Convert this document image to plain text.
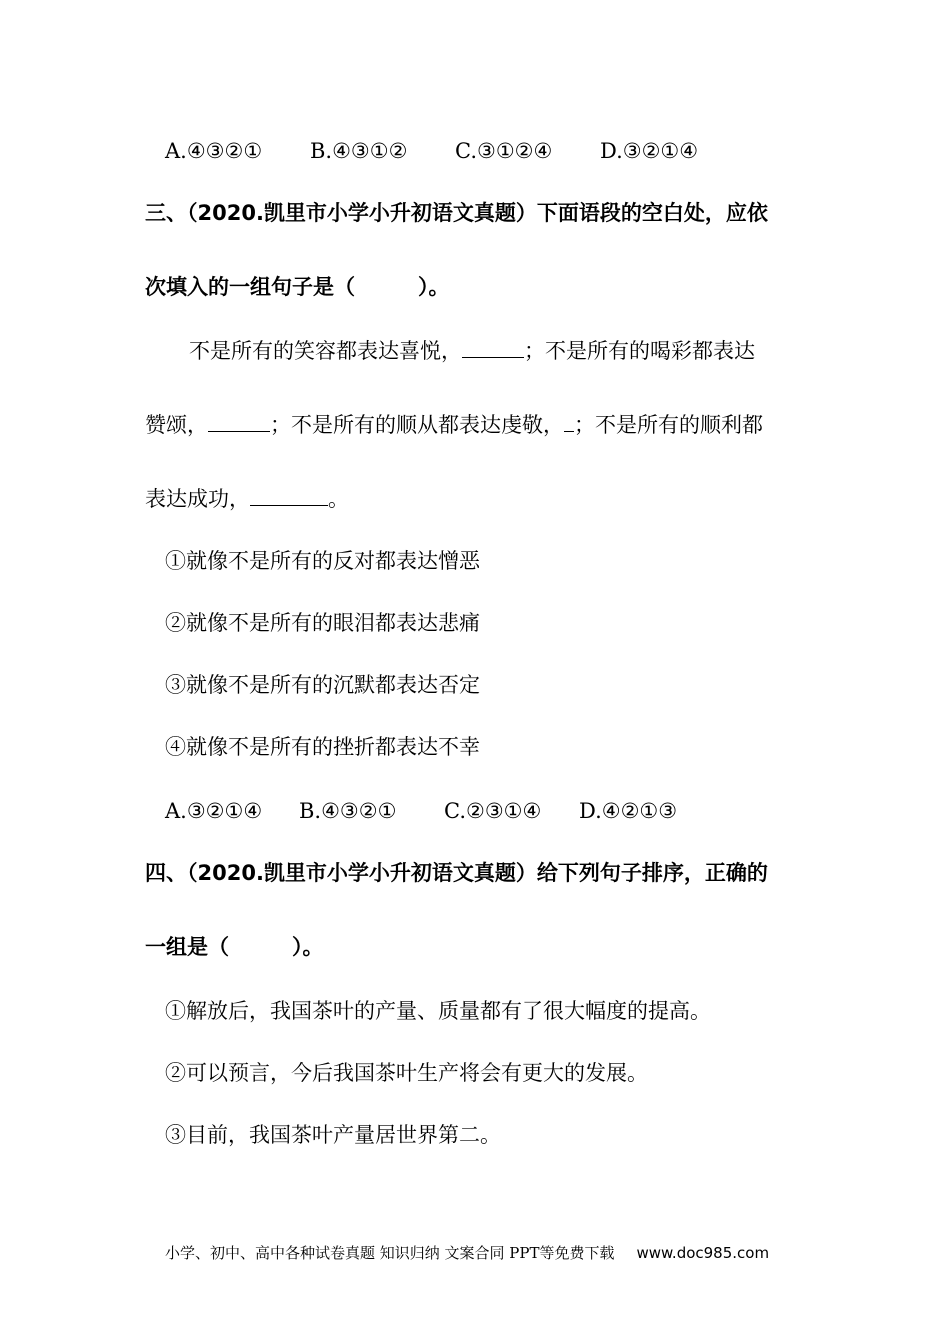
A.④③②① B.④③①② C.③①②④ D.③②①④
三、（2020.凯里市小学小升初语文真题）下面语段的空白处，应依
次填入的一组句子是（　　　）。
不是所有的笑容都表达喜悦，	；不是所有的喝彩都表达
赞颂，	；不是所有的顺从都表达虔敬， ；不是所有的顺利都
表达成功，	。
①就像不是所有的反对都表达憎恶
②就像不是所有的眼泪都表达悲痛
③就像不是所有的沉默都表达否定
④就像不是所有的挫折都表达不幸
A.③②①④ B.④③②① C.②③①④ D.④②①③
四、（2020.凯里市小学小升初语文真题）给下列句子排序，正确的
一组是（　　　）。
①解放后，我国茶叶的产量、质量都有了很大幅度的提高。
②可以预言，今后我国茶叶生产将会有更大的发展。
③目前，我国茶叶产量居世界第二。
小学、初中、高中各种试卷真题 知识归纳 文案合同 PPT等免费下载 www.doc985.com
